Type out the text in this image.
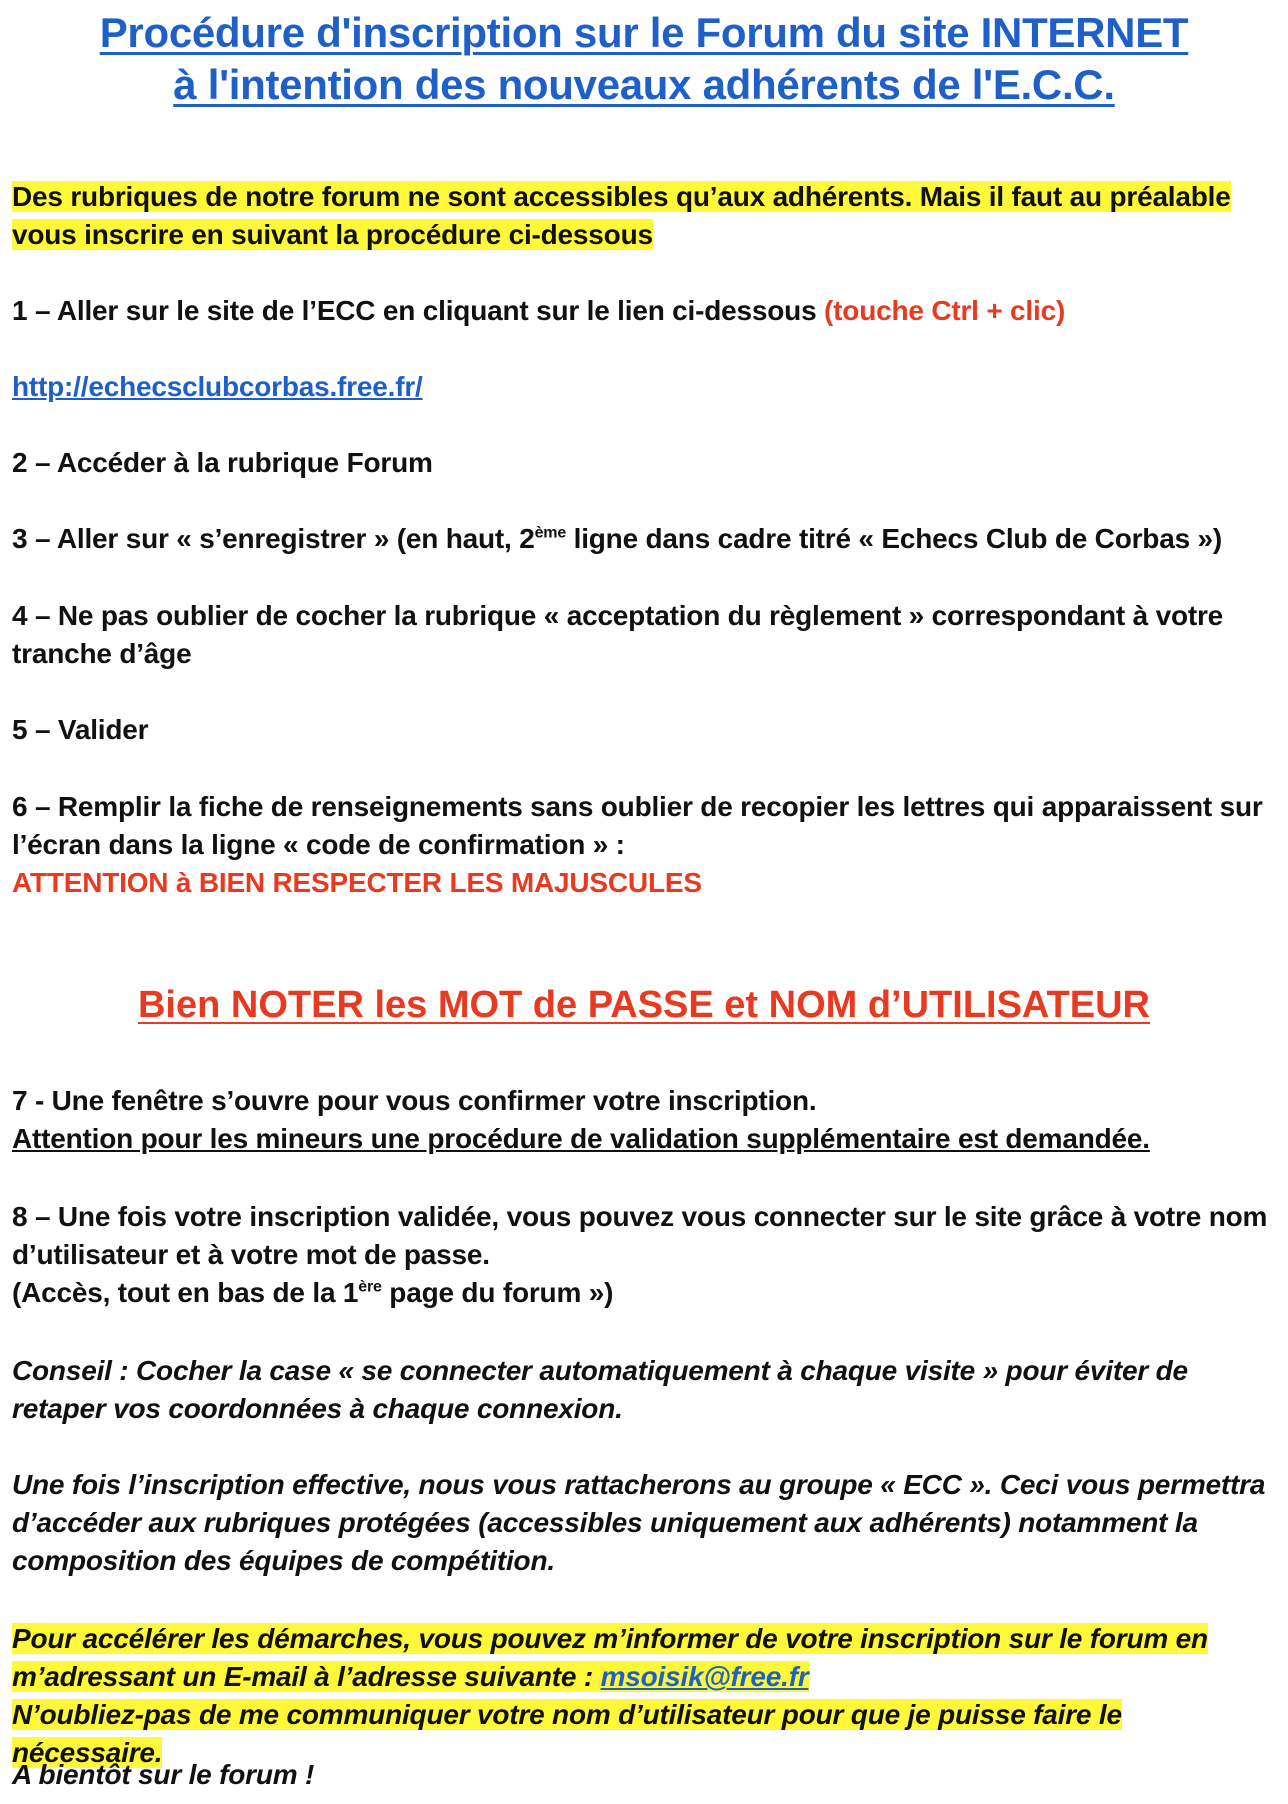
Procédure d'inscription sur le Forum du site INTERNET
à l'intention des nouveaux adhérents de l'E.C.C.
Des rubriques de notre forum ne sont accessibles qu’aux adhérents. Mais il faut au préalable
vous inscrire en suivant la procédure ci-dessous
1 – Aller sur le site de l’ECC en cliquant sur le lien ci-dessous (touche Ctrl + clic)
http://echecsclubcorbas.free.fr/
2 – Accéder à la rubrique Forum
3 – Aller sur « s’enregistrer » (en haut, 2ème ligne dans cadre titré « Echecs Club de Corbas »)
4 – Ne pas oublier de cocher la rubrique « acceptation du règlement » correspondant à votre
tranche d’âge
5 – Valider
6 – Remplir la fiche de renseignements sans oublier de recopier les lettres qui apparaissent sur
l’écran dans la ligne « code de confirmation » :
ATTENTION à BIEN RESPECTER LES MAJUSCULES
Bien NOTER les MOT de PASSE et NOM d’UTILISATEUR
7 - Une fenêtre s’ouvre pour vous confirmer votre inscription.
Attention pour les mineurs une procédure de validation supplémentaire est demandée.
8 – Une fois votre inscription validée, vous pouvez vous connecter sur le site grâce à votre nom
d’utilisateur et à votre mot de passe.
(Accès, tout en bas de la 1ère page du forum »)
Conseil : Cocher la case « se connecter automatiquement à chaque visite » pour éviter de
retaper vos coordonnées à chaque connexion.
Une fois l’inscription effective, nous vous rattacherons au groupe « ECC ». Ceci vous permettra
d’accéder aux rubriques protégées (accessibles uniquement aux adhérents) notamment la
composition des équipes de compétition.
Pour accélérer les démarches, vous pouvez m’informer de votre inscription sur le forum en
m’adressant un E-mail à l’adresse suivante : msoisik@free.fr
N’oubliez-pas de me communiquer votre nom d’utilisateur pour que je puisse faire le nécessaire.
A bientôt sur le forum !
